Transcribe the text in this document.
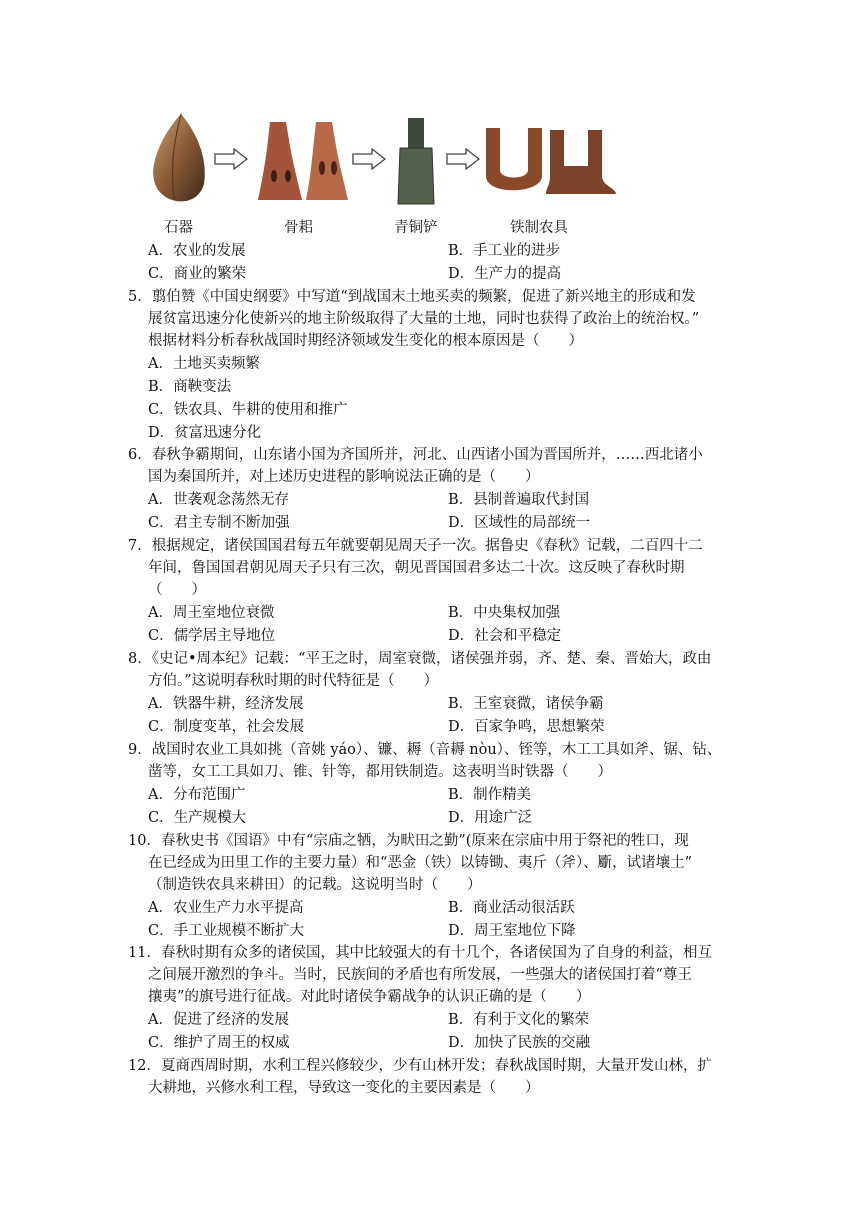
石器	骨耜	青铜铲	铁制农具
A．农业的发展	B．手工业的进步
C．商业的繁荣	D．生产力的提高
5．翦伯赞《中国史纲要》中写道“到战国末土地买卖的频繁，促进了新兴地主的形成和发
展贫富迅速分化使新兴的地主阶级取得了大量的土地，同时也获得了政治上的统治权。”
根据材料分析春秋战国时期经济领域发生变化的根本原因是（　　）
A．土地买卖频繁
B．商鞅变法
C．铁农具、牛耕的使用和推广
D．贫富迅速分化
6．春秋争霸期间，山东诸小国为齐国所并，河北、山西诸小国为晋国所并，……西北诸小
国为秦国所并，对上述历史进程的影响说法正确的是（　　）
A．世袭观念荡然无存	B．县制普遍取代封国
C．君主专制不断加强	D．区域性的局部统一
7．根据规定，诸侯国国君每五年就要朝见周天子一次。据鲁史《春秋》记载，二百四十二
年间，鲁国国君朝见周天子只有三次，朝见晋国国君多达二十次。这反映了春秋时期
（　　）
A．周王室地位衰微	B．中央集权加强
C．儒学居主导地位	D．社会和平稳定
8．《史记•周本纪》记载：“平王之时，周室衰微，诸侯强并弱，齐、楚、秦、晋始大，政由
方伯。”这说明春秋时期的时代特征是（　　）
A．铁器牛耕，经济发展	B．王室衰微，诸侯争霸
C．制度变革，社会发展	D．百家争鸣，思想繁荣
9．战国时农业工具如挑（音姚 yáo）、镰、耨（音耨 nòu）、铚等，木工工具如斧、锯、钻、
凿等，女工工具如刀、锥、针等，都用铁制造。这表明当时铁器（　　）
A．分布范围广	B．制作精美
C．生产规模大	D．用途广泛
10．春秋史书《国语》中有“宗庙之牺，为畎田之勤”(原来在宗庙中用于祭祀的牲口，现
在已经成为田里工作的主要力量）和“恶金（铁）以铸锄、夷斤（斧）、斸，试诸壤土”
（制造铁农具来耕田）的记载。这说明当时（　　）
A．农业生产力水平提高	B．商业活动很活跃
C．手工业规模不断扩大	D．周王室地位下降
11．春秋时期有众多的诸侯国，其中比较强大的有十几个，各诸侯国为了自身的利益，相互
之间展开激烈的争斗。当时，民族间的矛盾也有所发展，一些强大的诸侯国打着“尊王
攘夷”的旗号进行征战。对此时诸侯争霸战争的认识正确的是（　　）
A．促进了经济的发展	B．有利于文化的繁荣
C．维护了周王的权威	D．加快了民族的交融
12．夏商西周时期，水利工程兴修较少，少有山林开发；春秋战国时期，大量开发山林，扩
大耕地，兴修水利工程，导致这一变化的主要因素是（　　）
